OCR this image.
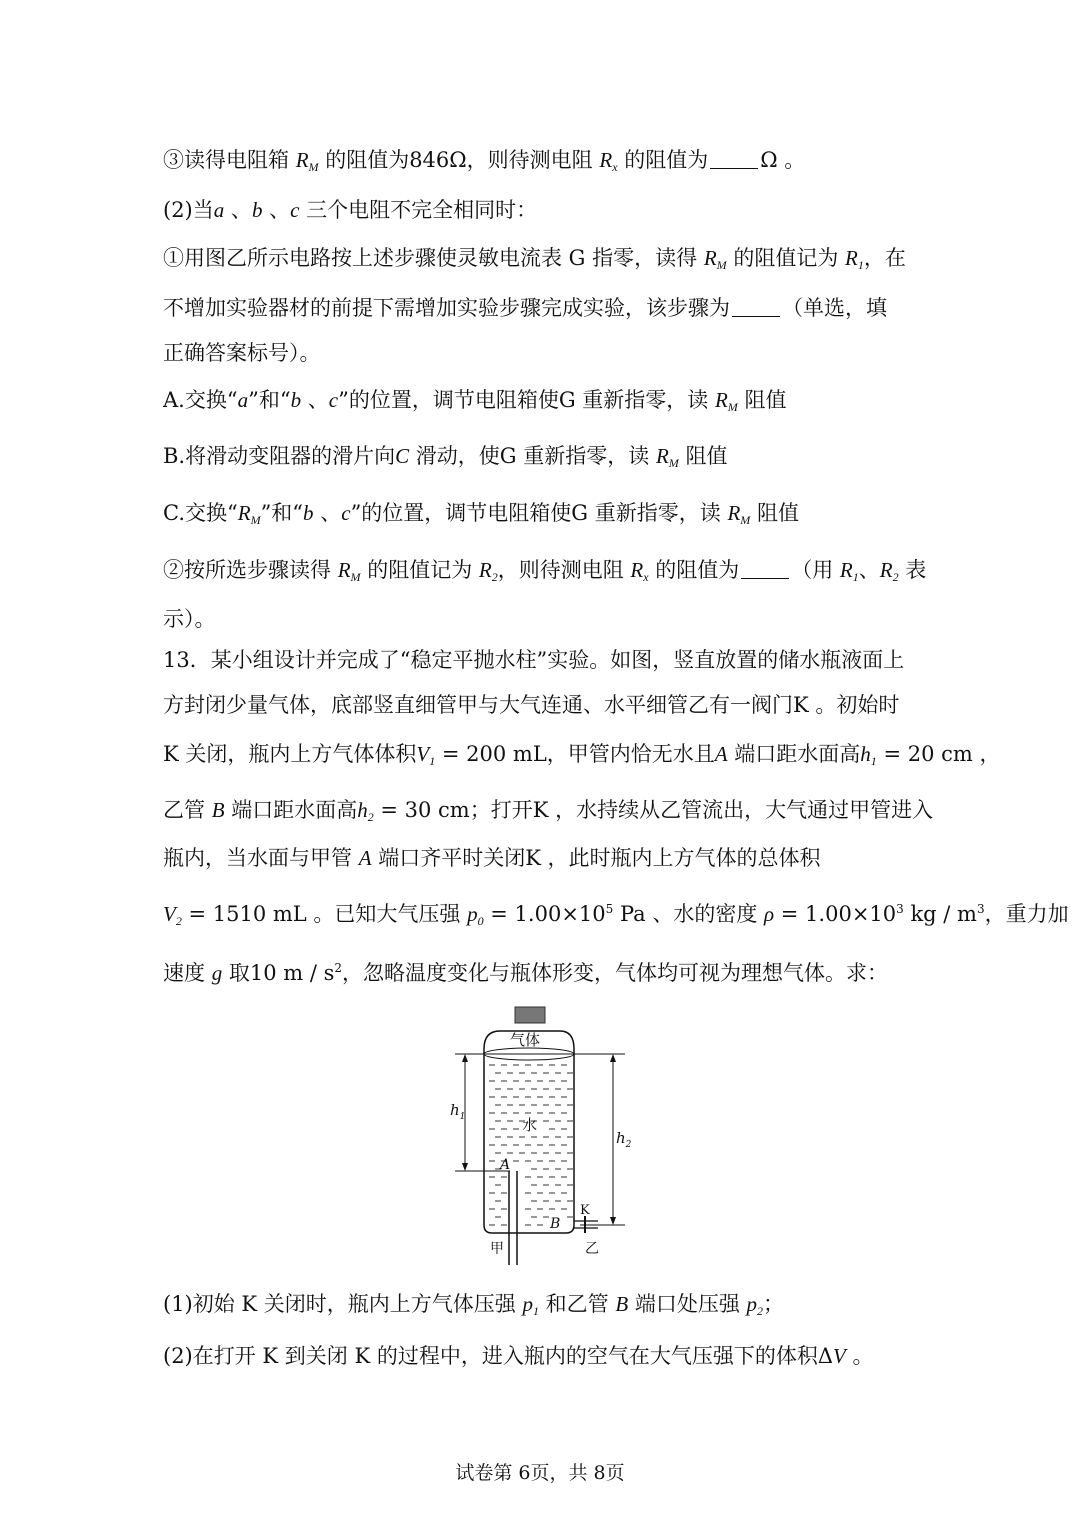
③读得电阻箱 $R_M$ 的阻值为846Ω，则待测电阻 $R_x$ 的阻值为 Ω 。
(2)当a 、b 、c 三个电阻不完全相同时：
①用图乙所示电路按上述步骤使灵敏电流表 G 指零，读得 $R_M$ 的阻值记为 $R_1$，在
不增加实验器材的前提下需增加实验步骤完成实验，该步骤为 （单选，填
正确答案标号）。
A.交换“a”和“b 、c”的位置，调节电阻箱使G 重新指零，读 $R_M$ 阻值
B.将滑动变阻器的滑片向C 滑动，使G 重新指零，读 $R_M$ 阻值
C.交换“$R_M$”和“b 、c”的位置，调节电阻箱使G 重新指零，读 $R_M$ 阻值
②按所选步骤读得 $R_M$ 的阻值记为 $R_2$，则待测电阻 $R_x$ 的阻值为 （用 $R_1$、$R_2$ 表
示）。
13．某小组设计并完成了“稳定平抛水柱”实验。如图，竖直放置的储水瓶液面上
方封闭少量气体，底部竖直细管甲与大气连通、水平细管乙有一阀门K 。初始时
K 关闭，瓶内上方气体体积$V_1 = 200$ mL，甲管内恰无水且A 端口距水面高$h_1 = 20$ cm ，
乙管 B 端口距水面高$h_2 = 30$ cm；打开K ，水持续从乙管流出，大气通过甲管进入
瓶内，当水面与甲管 A 端口齐平时关闭K ，此时瓶内上方气体的总体积
$V_2 = 1510$ mL 。已知大气压强 $p_0 = 1.00\times 10^5$ Pa 、水的密度 $\rho = 1.00\times 10^3$ kg / $m^3$，重力加
速度 g 取10 m / $s^2$，忽略温度变化与瓶体形变，气体均可视为理想气体。求：
(1)初始 K 关闭时，瓶内上方气体压强 $p_1$ 和乙管 B 端口处压强 $p_2$；
(2)在打开 K 到关闭 K 的过程中，进入瓶内的空气在大气压强下的体积ΔV 。
气体
水
$h_1$
$h_2$
A
B
K
甲	乙
试卷第 6页，共 8页
